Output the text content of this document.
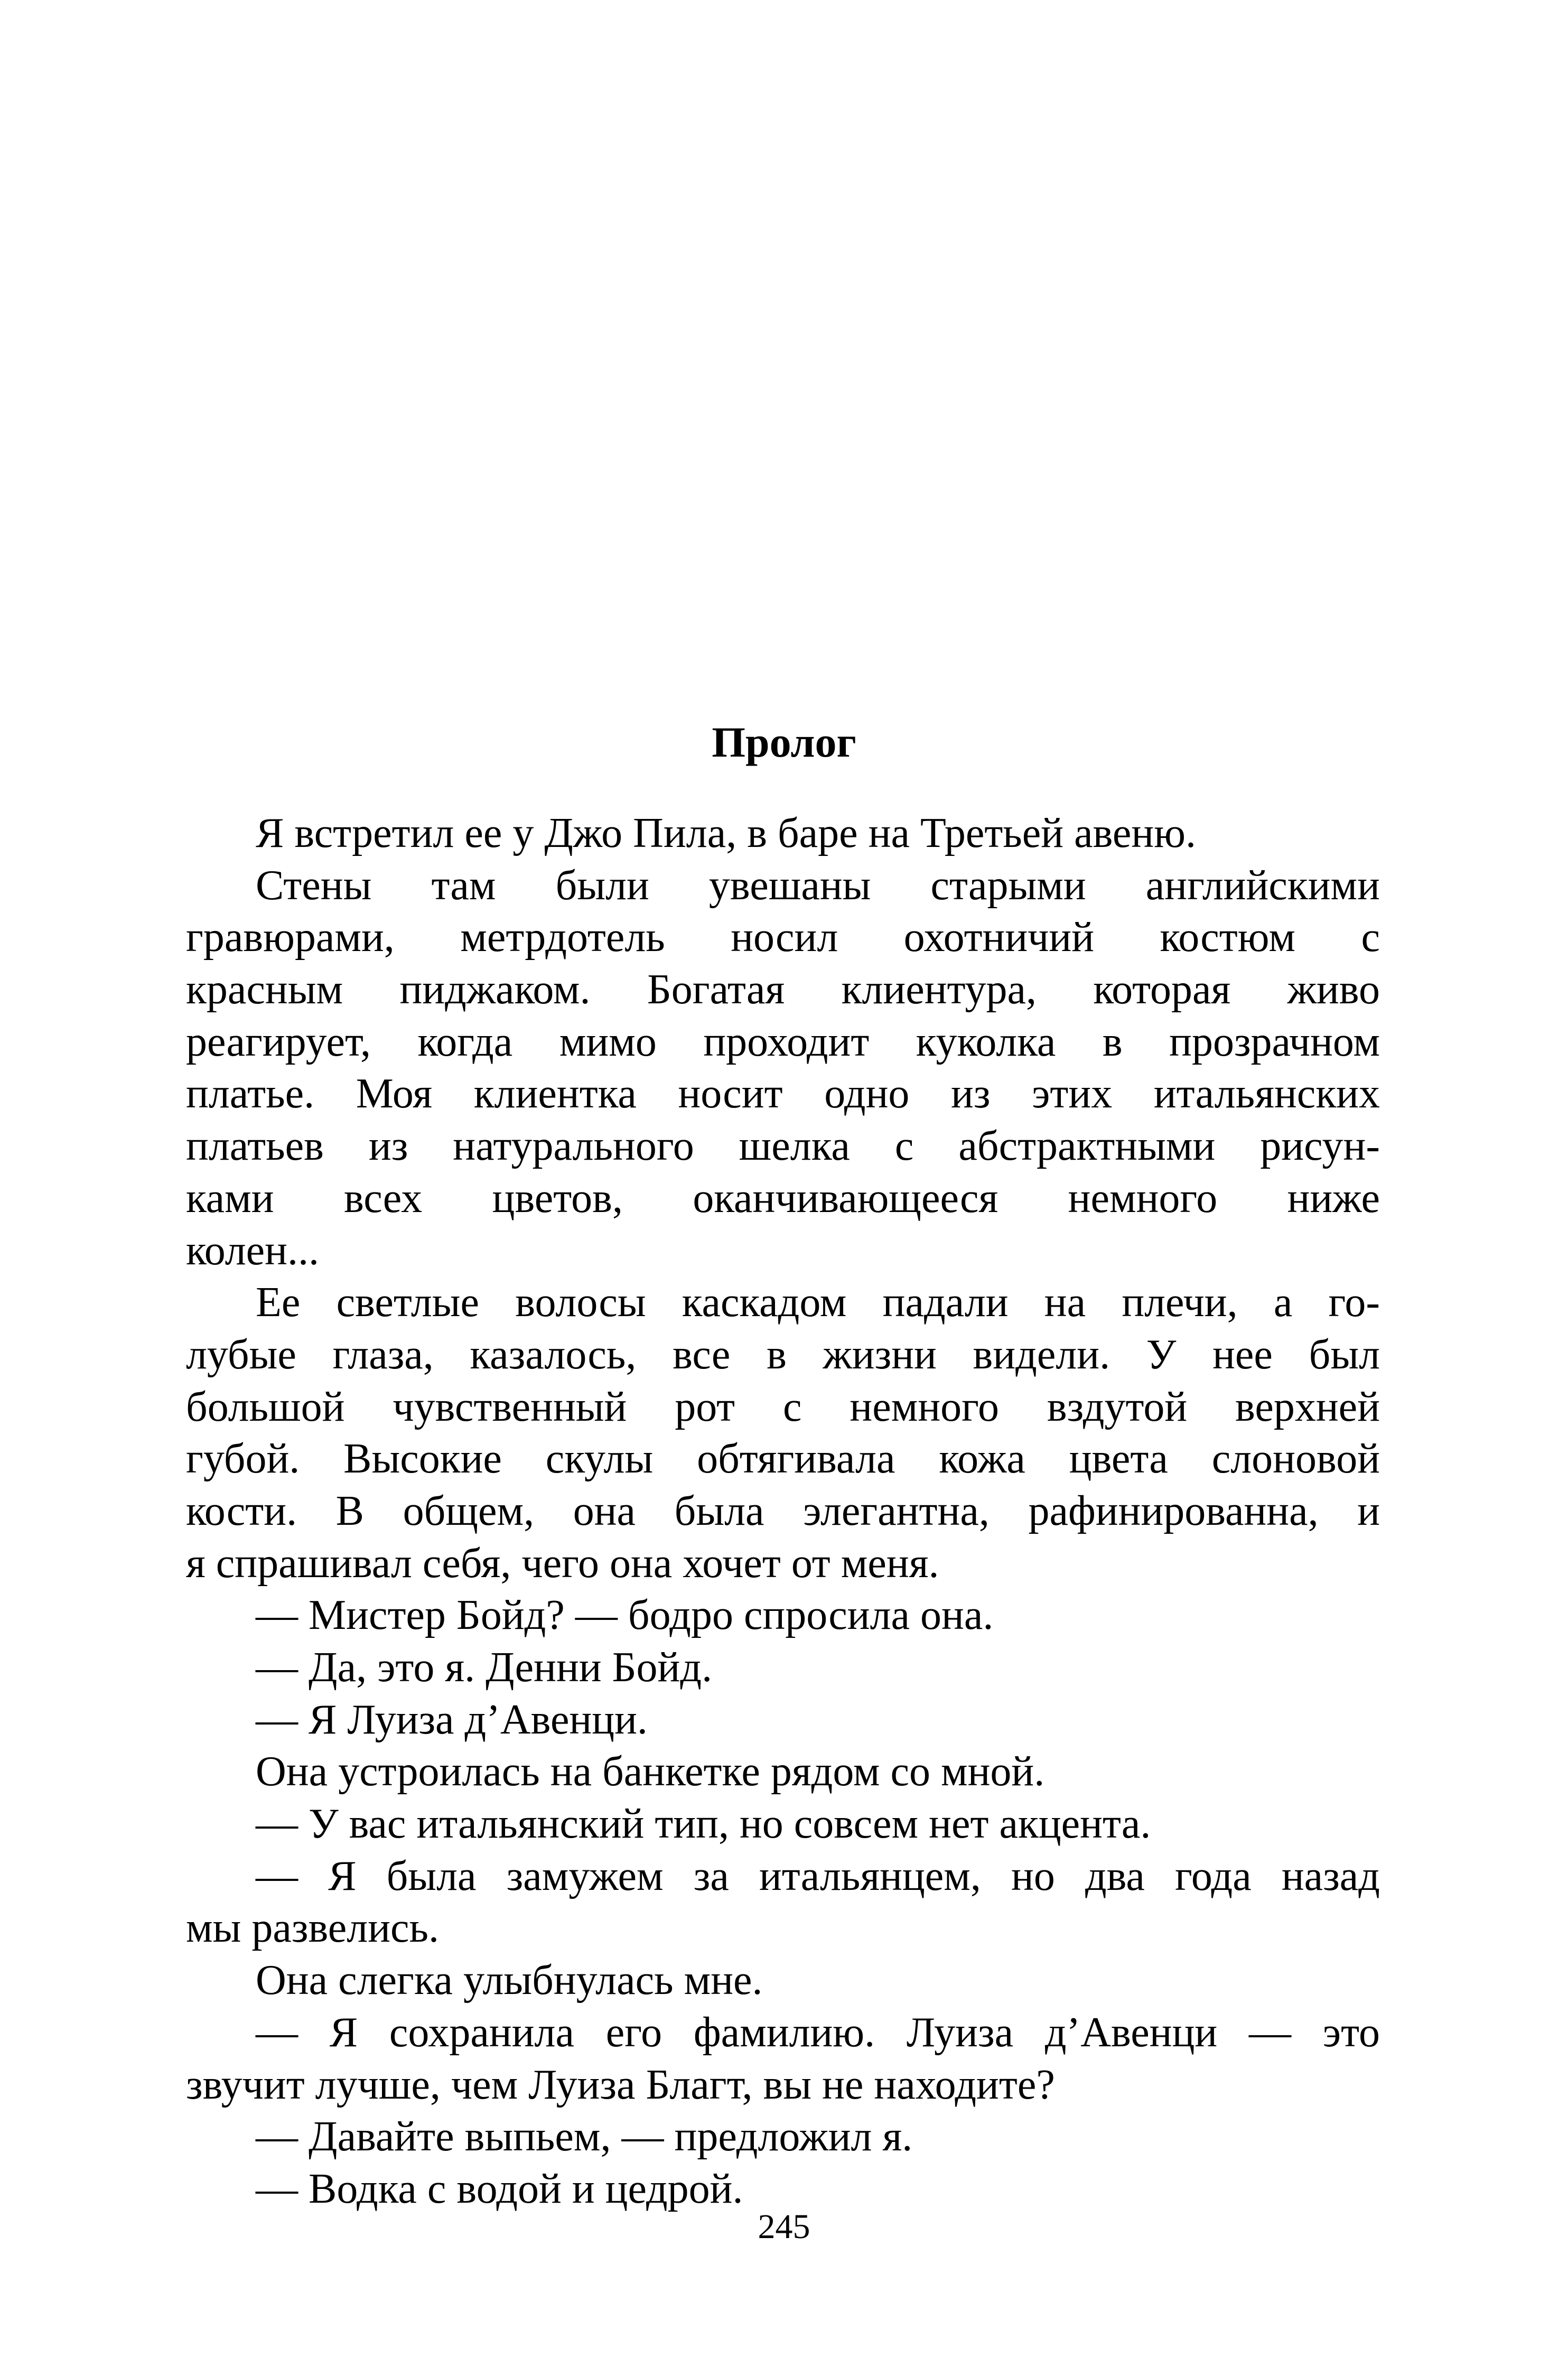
Пролог
Я встретил ее у Джо Пила, в баре на Третьей авеню.
Стены там были увешаны старыми английскими
гравюрами, метрдотель носил охотничий костюм с
красным пиджаком. Богатая клиентура, которая живо
реагирует, когда мимо проходит куколка в прозрачном
платье. Моя клиентка носит одно из этих итальянских
платьев из натурального шелка с абстрактными рисун-
ками всех цветов, оканчивающееся немного ниже
колен...
Ее светлые волосы каскадом падали на плечи, а го-
лубые глаза, казалось, все в жизни видели. У нее был
большой чувственный рот с немного вздутой верхней
губой. Высокие скулы обтягивала кожа цвета слоновой
кости. В общем, она была элегантна, рафинированна, и
я спрашивал себя, чего она хочет от меня.
— Мистер Бойд? — бодро спросила она.
— Да, это я. Денни Бойд.
— Я Луиза д’Авенци.
Она устроилась на банкетке рядом со мной.
— У вас итальянский тип, но совсем нет акцента.
— Я была замужем за итальянцем, но два года назад
мы развелись.
Она слегка улыбнулась мне.
— Я сохранила его фамилию. Луиза д’Авенци — это
звучит лучше, чем Луиза Благт, вы не находите?
— Давайте выпьем, — предложил я.
— Водка с водой и цедрой.
245
